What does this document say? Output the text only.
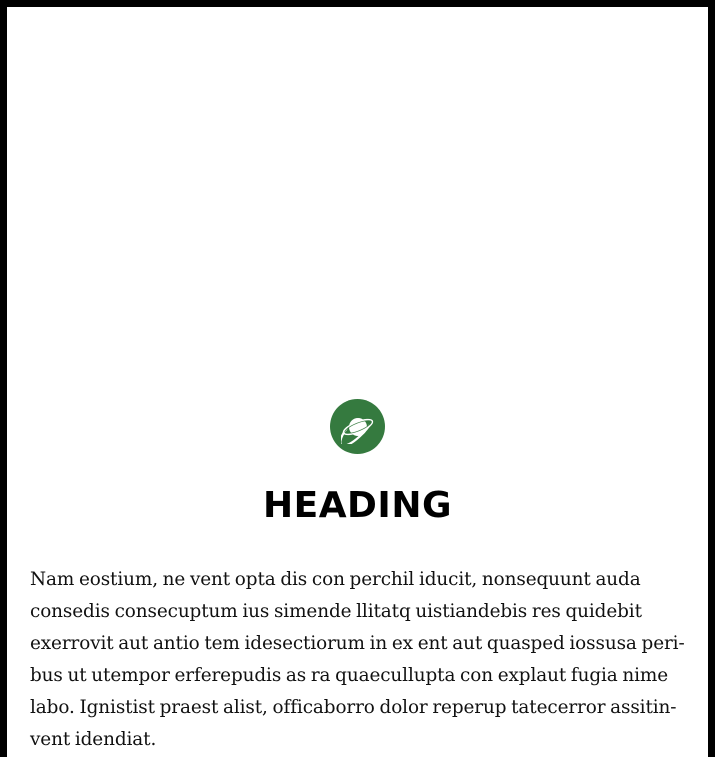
HEADING

Nam eostium, ne vent opta dis con perchil iducit, nonsequunt auda consedis consecuptum ius simende llitatq uistiandebis res quidebit exerrovit aut antio tem idesectiorum in ex ent aut quasped iossusa peribus ut utempor erferepudis as ra quaecullupta con explaut fugia nime labo. Ignistist praest alist, officaborro dolor reperup tatecerror assitinvent idendiat.
